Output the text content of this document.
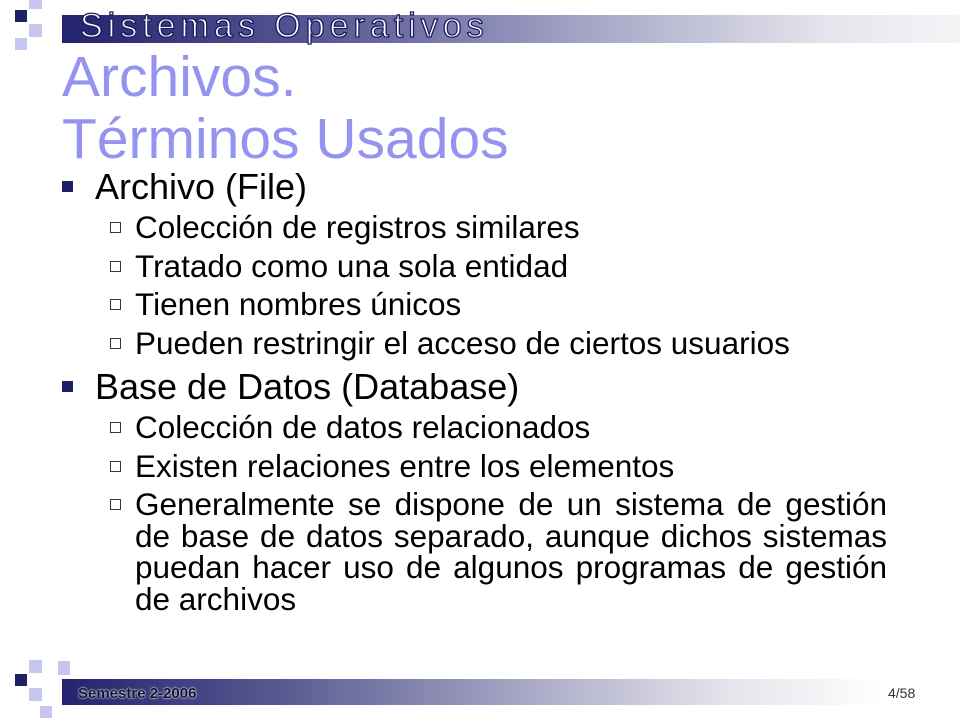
Sistemas Operativos
Archivos.
Términos Usados
Archivo (File)
Colección de registros similares
Tratado como una sola entidad
Tienen nombres únicos
Pueden restringir el acceso de ciertos usuarios
Base de Datos (Database)
Colección de datos relacionados
Existen relaciones entre los elementos
Generalmente se dispone de un sistema de gestión de base de datos separado, aunque dichos sistemas puedan hacer uso de algunos programas de gestión de archivos
Semestre 2-2006	4/58
